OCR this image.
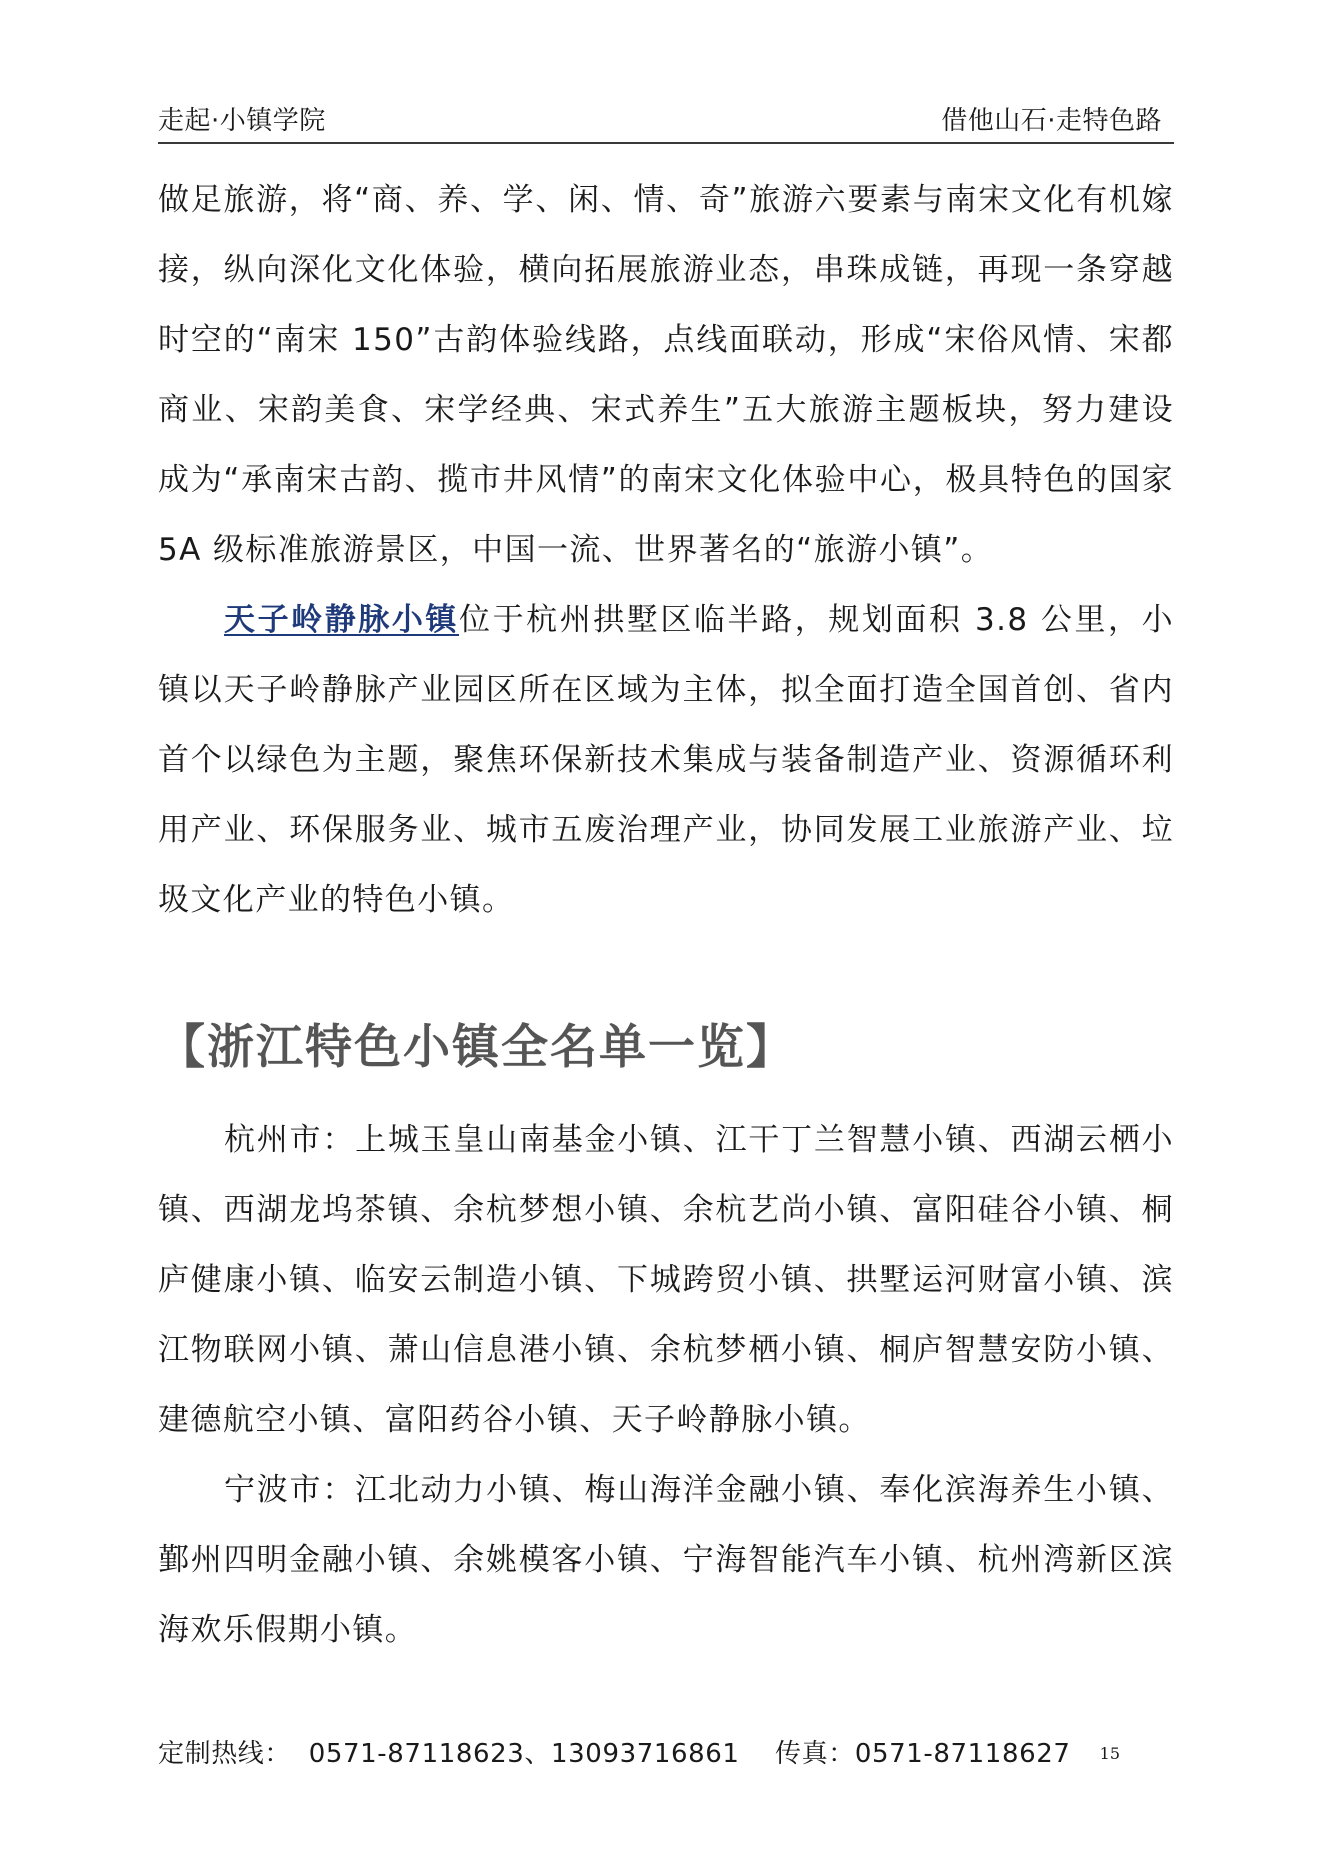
走起·小镇学院	借他山石·走特色路

做足旅游，将“商、养、学、闲、情、奇”旅游六要素与南宋文化有机嫁接，纵向深化文化体验，横向拓展旅游业态，串珠成链，再现一条穿越时空的“南宋 150”古韵体验线路，点线面联动，形成“宋俗风情、宋都商业、宋韵美食、宋学经典、宋式养生”五大旅游主题板块，努力建设成为“承南宋古韵、揽市井风情”的南宋文化体验中心，极具特色的国家 5A 级标准旅游景区，中国一流、世界著名的“旅游小镇”。

天子岭静脉小镇位于杭州拱墅区临半路，规划面积 3.8 公里，小镇以天子岭静脉产业园区所在区域为主体，拟全面打造全国首创、省内首个以绿色为主题，聚焦环保新技术集成与装备制造产业、资源循环利用产业、环保服务业、城市五废治理产业，协同发展工业旅游产业、垃圾文化产业的特色小镇。

【浙江特色小镇全名单一览】

杭州市：上城玉皇山南基金小镇、江干丁兰智慧小镇、西湖云栖小镇、西湖龙坞茶镇、余杭梦想小镇、余杭艺尚小镇、富阳硅谷小镇、桐庐健康小镇、临安云制造小镇、下城跨贸小镇、拱墅运河财富小镇、滨江物联网小镇、萧山信息港小镇、余杭梦栖小镇、桐庐智慧安防小镇、建德航空小镇、富阳药谷小镇、天子岭静脉小镇。

宁波市：江北动力小镇、梅山海洋金融小镇、奉化滨海养生小镇、鄞州四明金融小镇、余姚模客小镇、宁海智能汽车小镇、杭州湾新区滨海欢乐假期小镇。

定制热线：  0571-87118623、13093716861    传真：0571-87118627 15
